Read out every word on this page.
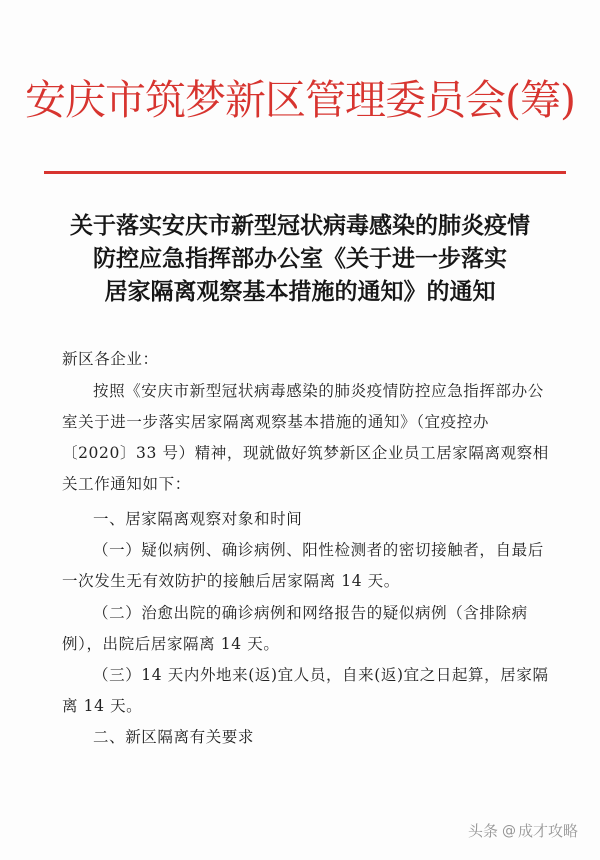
安庆市筑梦新区管理委员会(筹)
关于落实安庆市新型冠状病毒感染的肺炎疫情
防控应急指挥部办公室《关于进一步落实
居家隔离观察基本措施的通知》的通知
新区各企业：
按照《安庆市新型冠状病毒感染的肺炎疫情防控应急指挥部办公室关于进一步落实居家隔离观察基本措施的通知》（宜疫控办〔2020〕33 号）精神，现就做好筑梦新区企业员工居家隔离观察相关工作通知如下：
一、居家隔离观察对象和时间
（一）疑似病例、确诊病例、阳性检测者的密切接触者，自最后一次发生无有效防护的接触后居家隔离 14 天。
（二）治愈出院的确诊病例和网络报告的疑似病例（含排除病例），出院后居家隔离 14 天。
（三）14 天内外地来(返)宜人员，自来(返)宜之日起算，居家隔离 14 天。
二、新区隔离有关要求
头条 @ 成才攻略
